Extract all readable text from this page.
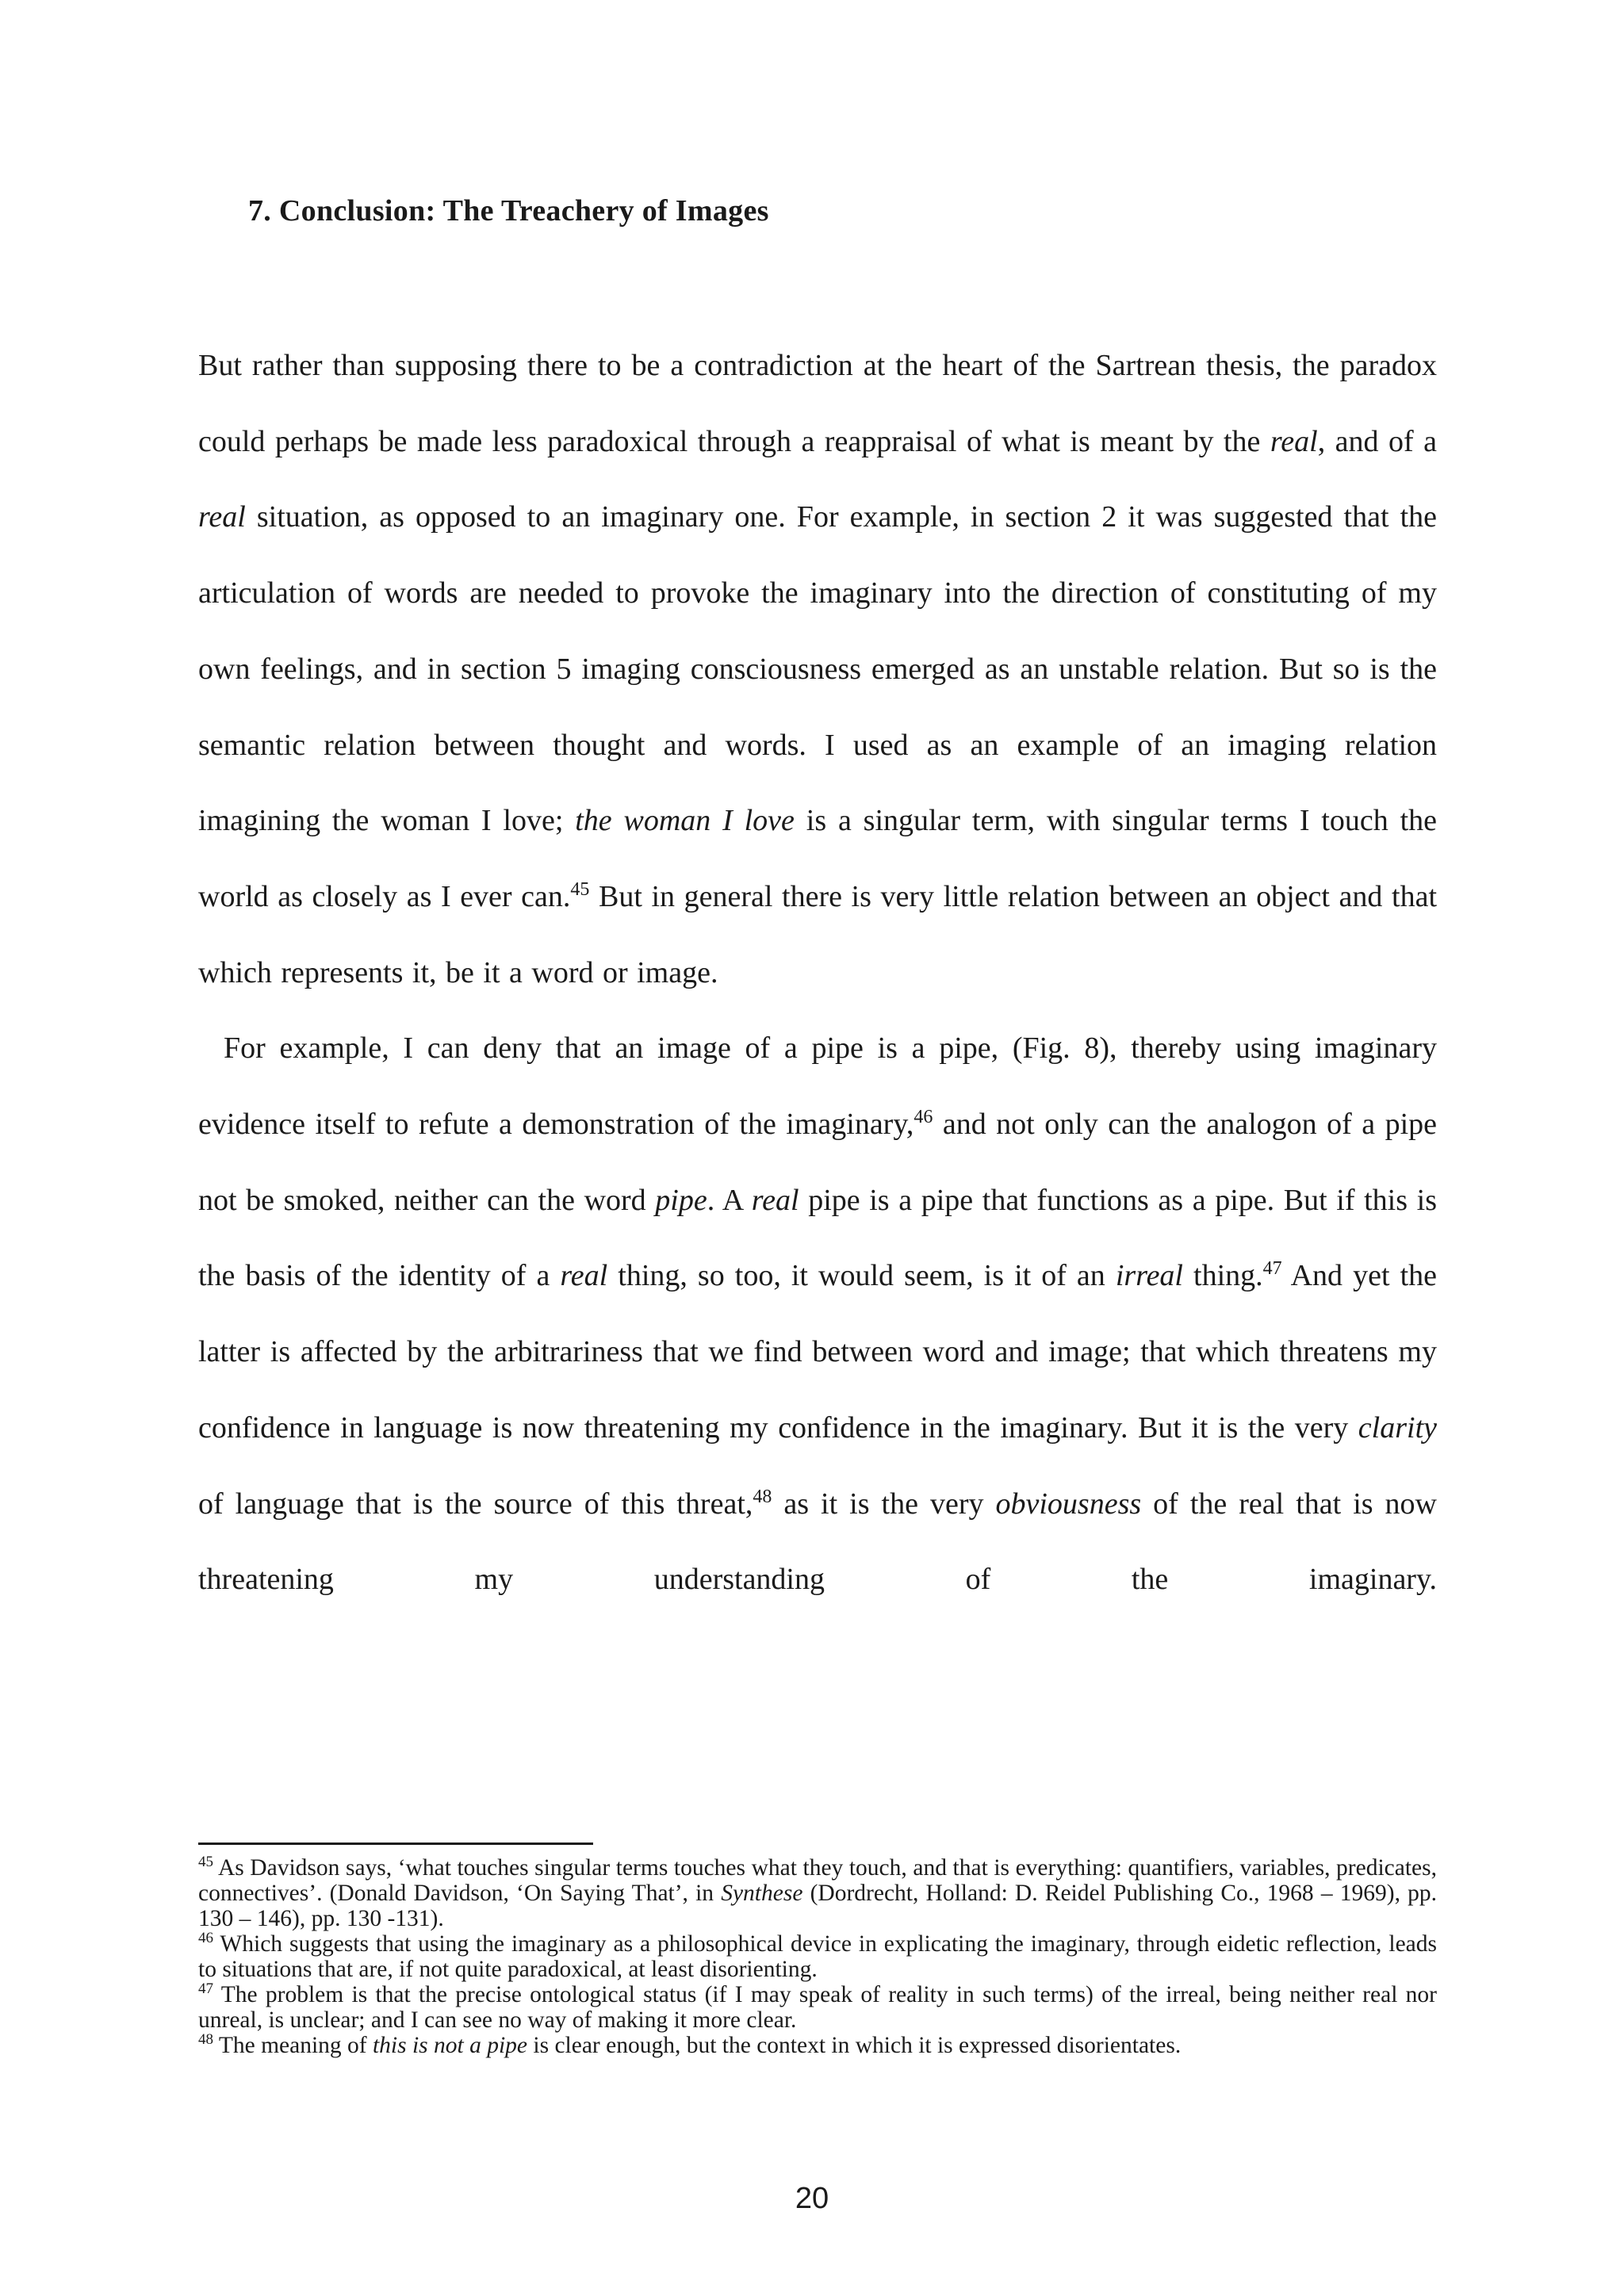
7. Conclusion: The Treachery of Images

But rather than supposing there to be a contradiction at the heart of the Sartrean thesis, the paradox could perhaps be made less paradoxical through a reappraisal of what is meant by the real, and of a real situation, as opposed to an imaginary one. For example, in section 2 it was suggested that the articulation of words are needed to provoke the imaginary into the direction of constituting of my own feelings, and in section 5 imaging consciousness emerged as an unstable relation. But so is the semantic relation between thought and words. I used as an example of an imaging relation imagining the woman I love; the woman I love is a singular term, with singular terms I touch the world as closely as I ever can.$^{45}$ But in general there is very little relation between an object and that which represents it, be it a word or image.

For example, I can deny that an image of a pipe is a pipe, (Fig. 8), thereby using imaginary evidence itself to refute a demonstration of the imaginary,$^{46}$ and not only can the analogon of a pipe not be smoked, neither can the word pipe. A real pipe is a pipe that functions as a pipe. But if this is the basis of the identity of a real thing, so too, it would seem, is it of an irreal thing.$^{47}$ And yet the latter is affected by the arbitrariness that we find between word and image; that which threatens my confidence in language is now threatening my confidence in the imaginary. But it is the very clarity of language that is the source of this threat,$^{48}$ as it is the very obviousness of the real that is now threatening my understanding of the imaginary.

$^{45}$ As Davidson says, ‘what touches singular terms touches what they touch, and that is everything: quantifiers, variables, predicates, connectives’. (Donald Davidson, ‘On Saying That’, in Synthese (Dordrecht, Holland: D. Reidel Publishing Co., 1968 – 1969), pp. 130 – 146), pp. 130 -131).

$^{46}$ Which suggests that using the imaginary as a philosophical device in explicating the imaginary, through eidetic reflection, leads to situations that are, if not quite paradoxical, at least disorienting.

$^{47}$ The problem is that the precise ontological status (if I may speak of reality in such terms) of the irreal, being neither real nor unreal, is unclear; and I can see no way of making it more clear.

$^{48}$ The meaning of this is not a pipe is clear enough, but the context in which it is expressed disorientates.

20
